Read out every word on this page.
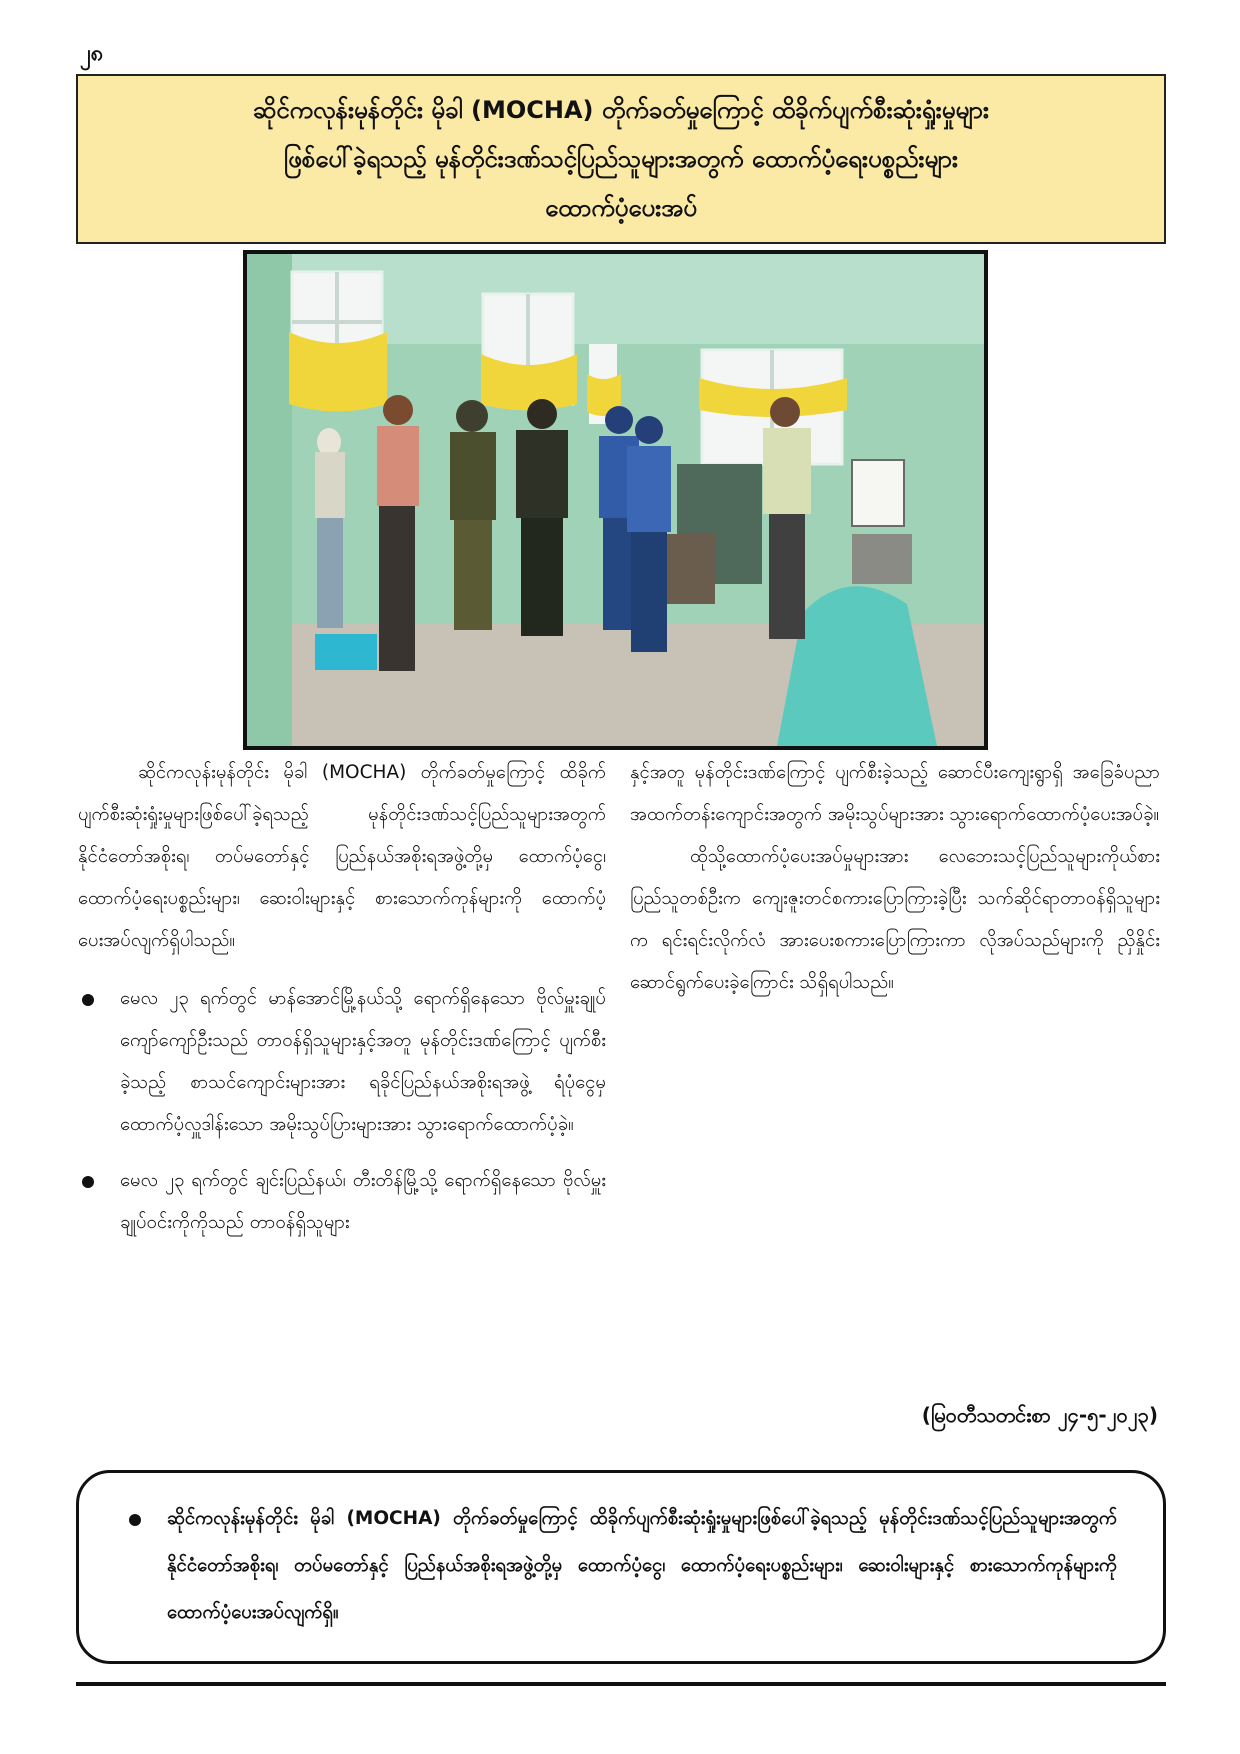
၂၈
ဆိုင်ကလုန်းမုန်တိုင်း မိုခါ (MOCHA) တိုက်ခတ်မှုကြောင့် ထိခိုက်ပျက်စီးဆုံးရှုံးမှုများ
ဖြစ်ပေါ်ခဲ့ရသည့် မုန်တိုင်းဒဏ်သင့်ပြည်သူများအတွက် ထောက်ပံ့ရေးပစ္စည်းများ
ထောက်ပံ့ပေးအပ်

ဆိုင်ကလုန်းမုန်တိုင်း မိုခါ (MOCHA) တိုက်ခတ်မှုကြောင့် ထိခိုက်ပျက်စီးဆုံးရှုံးမှုများဖြစ်ပေါ်ခဲ့ရသည့် မုန်တိုင်းဒဏ်သင့်ပြည်သူများအတွက် နိုင်ငံတော်အစိုးရ၊ တပ်မတော်နှင့် ပြည်နယ်အစိုးရအဖွဲ့တို့မှ ထောက်ပံ့ငွေ၊ ထောက်ပံ့ရေးပစ္စည်းများ၊ ဆေးဝါးများနှင့် စားသောက်ကုန်များကို ထောက်ပံ့ပေးအပ်လျက်ရှိပါသည်။

မေလ ၂၃ ရက်တွင် မာန်အောင်မြို့နယ်သို့ ရောက်ရှိနေသော ဗိုလ်မှူးချုပ် ကျော်ကျော်ဦးသည် တာဝန်ရှိသူများနှင့်အတူ မုန်တိုင်းဒဏ်ကြောင့် ပျက်စီးခဲ့သည့် စာသင်ကျောင်းများအား ရခိုင်ပြည်နယ်အစိုးရအဖွဲ့ ရံပုံငွေမှ ထောက်ပံ့လှူဒါန်းသော အမိုးသွပ်ပြားများအား သွားရောက်ထောက်ပံ့ခဲ့။
မေလ ၂၃ ရက်တွင် ချင်းပြည်နယ်၊ တီးတိန်မြို့သို့ ရောက်ရှိနေသော ဗိုလ်မှူးချုပ်ဝင်းကိုကိုသည် တာဝန်ရှိသူများ
နှင့်အတူ မုန်တိုင်းဒဏ်ကြောင့် ပျက်စီးခဲ့သည့် ဆောင်ပီးကျေးရွာရှိ အခြေခံပညာအထက်တန်းကျောင်းအတွက် အမိုးသွပ်များအား သွားရောက်ထောက်ပံ့ပေးအပ်ခဲ့။

ထိုသို့ထောက်ပံ့ပေးအပ်မှုများအား လေဘေးသင့်ပြည်သူများကိုယ်စား ပြည်သူတစ်ဦးက ကျေးဇူးတင်စကားပြောကြားခဲ့ပြီး သက်ဆိုင်ရာတာဝန်ရှိသူများက ရင်းရင်းလိုက်လံ အားပေးစကားပြောကြားကာ လိုအပ်သည်များကို ညှိနှိုင်းဆောင်ရွက်ပေးခဲ့ကြောင်း သိရှိရပါသည်။

(မြဝတီသတင်းစာ ၂၄-၅-၂၀၂၃)
ဆိုင်ကလုန်းမုန်တိုင်း မိုခါ (MOCHA) တိုက်ခတ်မှုကြောင့် ထိခိုက်ပျက်စီးဆုံးရှုံးမှုများဖြစ်ပေါ်ခဲ့ရသည့် မုန်တိုင်းဒဏ်သင့်ပြည်သူများအတွက် နိုင်ငံတော်အစိုးရ၊ တပ်မတော်နှင့် ပြည်နယ်အစိုးရအဖွဲ့တို့မှ ထောက်ပံ့ငွေ၊ ထောက်ပံ့ရေးပစ္စည်းများ၊ ဆေးဝါးများနှင့် စားသောက်ကုန်များကို ထောက်ပံ့ပေးအပ်လျက်ရှိ။
